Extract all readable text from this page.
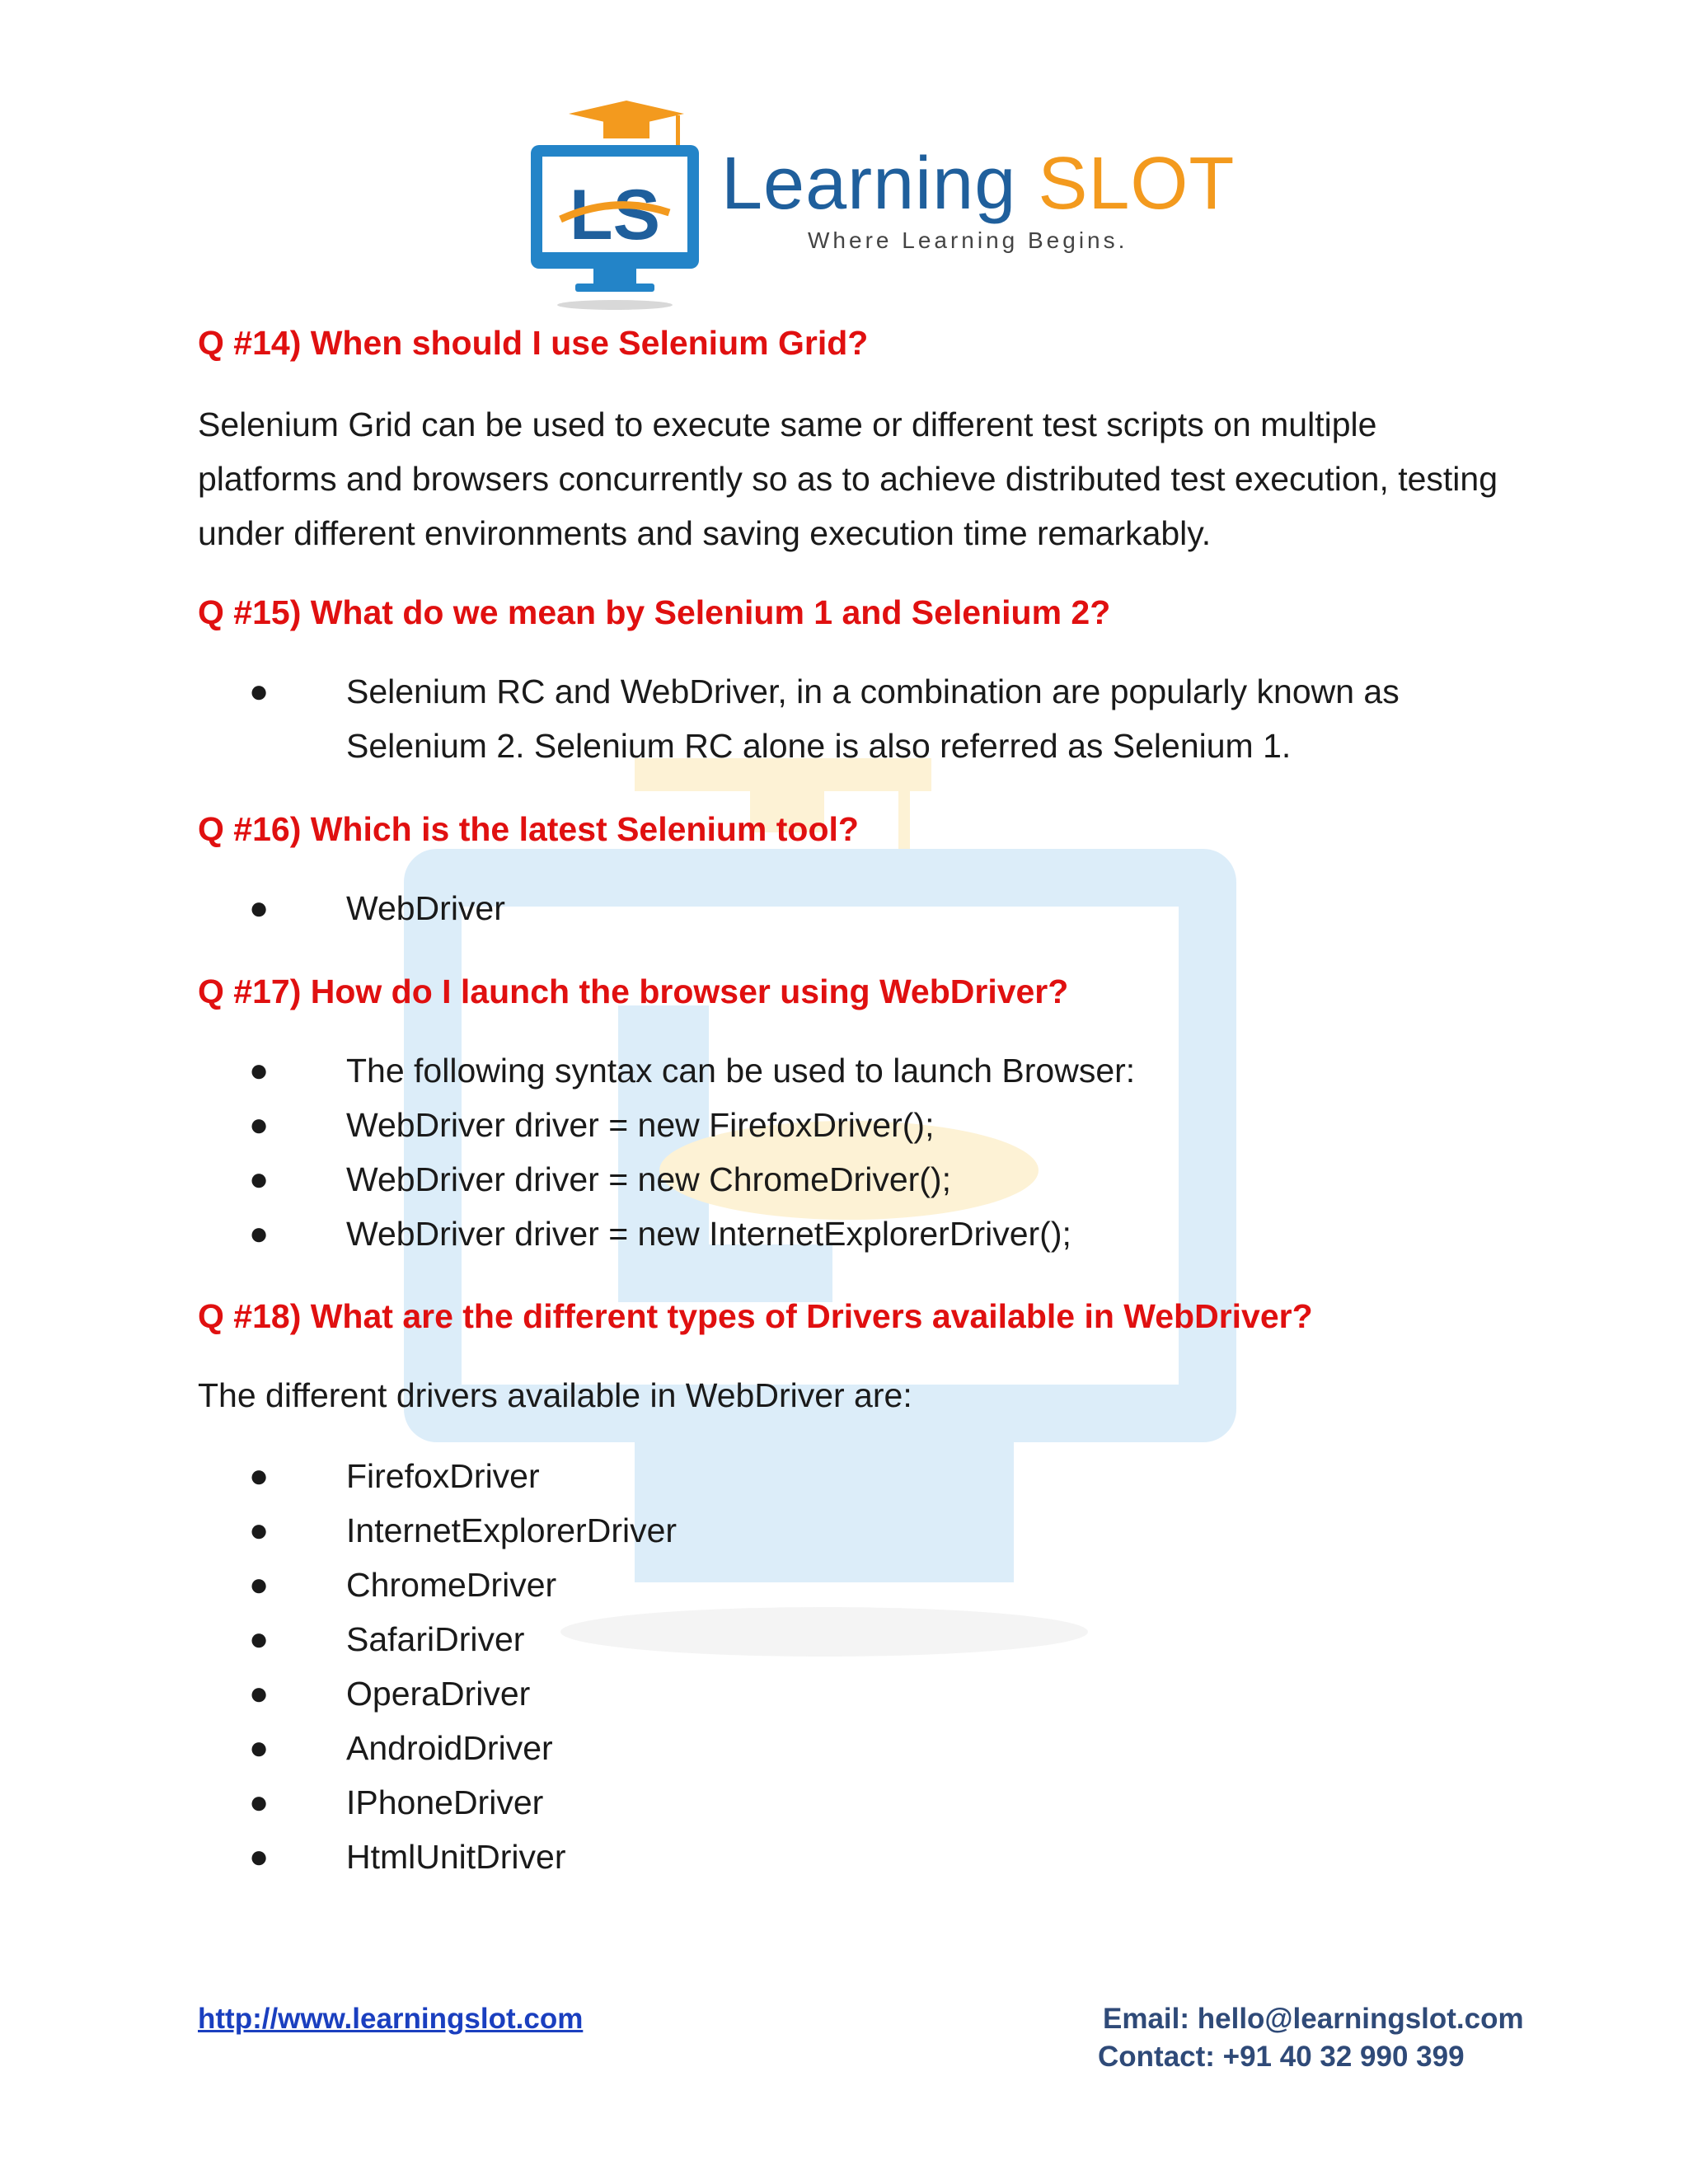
LS Learning SLOT
Where Learning Begins.
Q #14) When should I use Selenium Grid?

Selenium Grid can be used to execute same or different test scripts on multiple platforms and browsers concurrently so as to achieve distributed test execution, testing under different environments and saving execution time remarkably.

Q #15) What do we mean by Selenium 1 and Selenium 2?
● Selenium RC and WebDriver, in a combination are popularly known as Selenium 2. Selenium RC alone is also referred as Selenium 1.
Q #16) Which is the latest Selenium tool?
● WebDriver
Q #17) How do I launch the browser using WebDriver?
● The following syntax can be used to launch Browser:
● WebDriver driver = new FirefoxDriver();
● WebDriver driver = new ChromeDriver();
● WebDriver driver = new InternetExplorerDriver();
Q #18) What are the different types of Drivers available in WebDriver?

The different drivers available in WebDriver are:

● FirefoxDriver
● InternetExplorerDriver
● ChromeDriver
● SafariDriver
● OperaDriver
● AndroidDriver
● IPhoneDriver
● HtmlUnitDriver
http://www.learningslot.com	Email: hello@learningslot.com
Contact: +91 40 32 990 399
